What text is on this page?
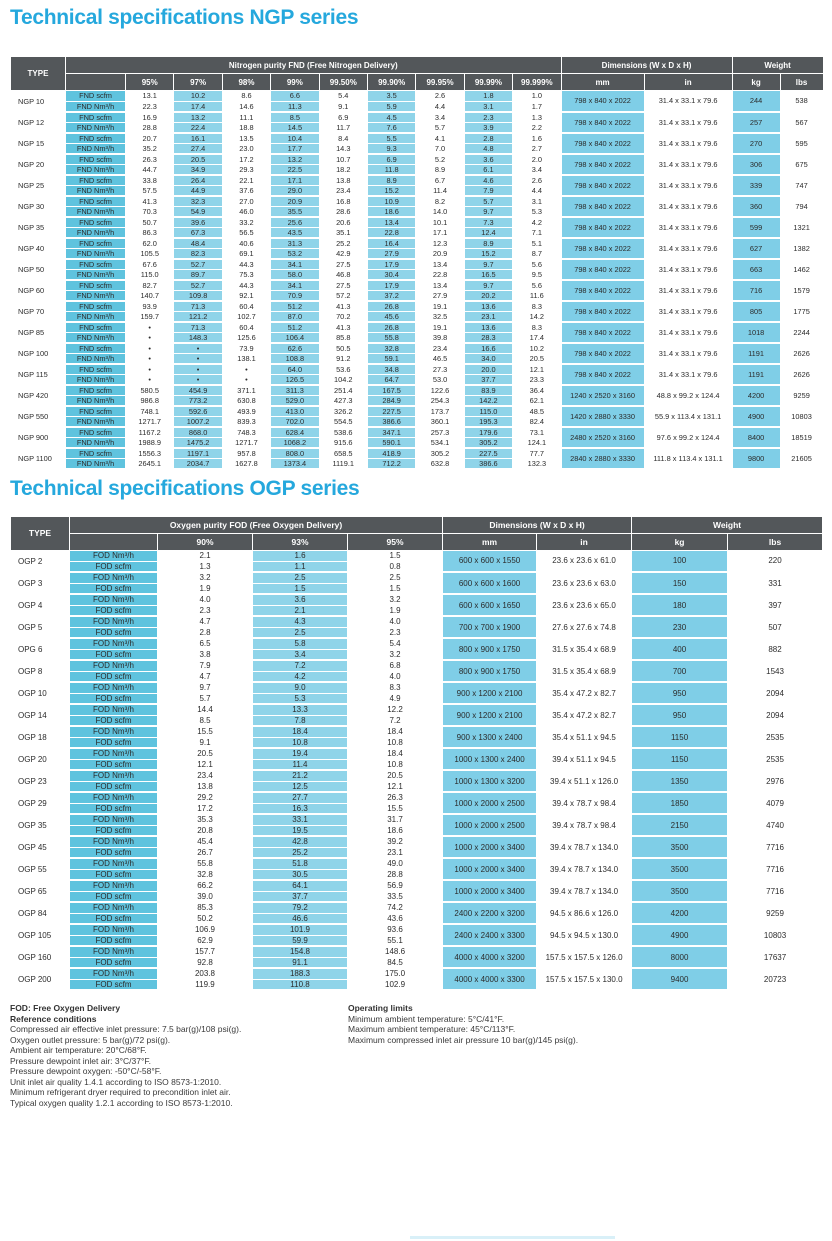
Technical specifications NGP series
TYPE	Nitrogen purity FND (Free Nitrogen Delivery)										Dimensions (W x D x H)		Weight	
		95%	97%	98%	99%	99.50%	99.90%	99.95%	99.99%	99.999%	mm	in	kg	lbs
NGP 10	FND scfm	13.1	10.2	8.6	6.6	5.4	3.5	2.6	1.8	1.0	798 x 840 x 2022	31.4 x 33.1 x 79.6	244	538
	FND Nm³/h	22.3	17.4	14.6	11.3	9.1	5.9	4.4	3.1	1.7				
NGP 12	FND scfm	16.9	13.2	11.1	8.5	6.9	4.5	3.4	2.3	1.3	798 x 840 x 2022	31.4 x 33.1 x 79.6	257	567
	FND Nm³/h	28.8	22.4	18.8	14.5	11.7	7.6	5.7	3.9	2.2				
NGP 15	FND scfm	20.7	16.1	13.5	10.4	8.4	5.5	4.1	2.8	1.6	798 x 840 x 2022	31.4 x 33.1 x 79.6	270	595
	FND Nm³/h	35.2	27.4	23.0	17.7	14.3	9.3	7.0	4.8	2.7				
NGP 20	FND scfm	26.3	20.5	17.2	13.2	10.7	6.9	5.2	3.6	2.0	798 x 840 x 2022	31.4 x 33.1 x 79.6	306	675
	FND Nm³/h	44.7	34.9	29.3	22.5	18.2	11.8	8.9	6.1	3.4				
NGP 25	FND scfm	33.8	26.4	22.1	17.1	13.8	8.9	6.7	4.6	2.6	798 x 840 x 2022	31.4 x 33.1 x 79.6	339	747
	FND Nm³/h	57.5	44.9	37.6	29.0	23.4	15.2	11.4	7.9	4.4				
NGP 30	FND scfm	41.3	32.3	27.0	20.9	16.8	10.9	8.2	5.7	3.1	798 x 840 x 2022	31.4 x 33.1 x 79.6	360	794
	FND Nm³/h	70.3	54.9	46.0	35.5	28.6	18.6	14.0	9.7	5.3				
NGP 35	FND scfm	50.7	39.6	33.2	25.6	20.6	13.4	10.1	7.3	4.2	798 x 840 x 2022	31.4 x 33.1 x 79.6	599	1321
	FND Nm³/h	86.3	67.3	56.5	43.5	35.1	22.8	17.1	12.4	7.1				
NGP 40	FND scfm	62.0	48.4	40.6	31.3	25.2	16.4	12.3	8.9	5.1	798 x 840 x 2022	31.4 x 33.1 x 79.6	627	1382
	FND Nm³/h	105.5	82.3	69.1	53.2	42.9	27.9	20.9	15.2	8.7				
NGP 50	FND scfm	67.6	52.7	44.3	34.1	27.5	17.9	13.4	9.7	5.6	798 x 840 x 2022	31.4 x 33.1 x 79.6	663	1462
	FND Nm³/h	115.0	89.7	75.3	58.0	46.8	30.4	22.8	16.5	9.5				
NGP 60	FND scfm	82.7	52.7	44.3	34.1	27.5	17.9	13.4	9.7	5.6	798 x 840 x 2022	31.4 x 33.1 x 79.6	716	1579
	FND Nm³/h	140.7	109.8	92.1	70.9	57.2	37.2	27.9	20.2	11.6				
NGP 70	FND scfm	93.9	71.3	60.4	51.2	41.3	26.8	19.1	13.6	8.3	798 x 840 x 2022	31.4 x 33.1 x 79.6	805	1775
	FND Nm³/h	159.7	121.2	102.7	87.0	70.2	45.6	32.5	23.1	14.2				
NGP 85	FND scfm	•	71.3	60.4	51.2	41.3	26.8	19.1	13.6	8.3	798 x 840 x 2022	31.4 x 33.1 x 79.6	1018	2244
	FND Nm³/h	•	148.3	125.6	106.4	85.8	55.8	39.8	28.3	17.4				
NGP 100	FND scfm	•	•	73.9	62.6	50.5	32.8	23.4	16.6	10.2	798 x 840 x 2022	31.4 x 33.1 x 79.6	1191	2626
	FND Nm³/h	•	•	138.1	108.8	91.2	59.1	46.5	34.0	20.5				
NGP 115	FND scfm	•	•	•	64.0	53.6	34.8	27.3	20.0	12.1	798 x 840 x 2022	31.4 x 33.1 x 79.6	1191	2626
	FND Nm³/h	•	•	•	126.5	104.2	64.7	53.0	37.7	23.3				
NGP 420	FND scfm	580.5	454.9	371.1	311.3	251.4	167.5	122.6	83.9	36.4	1240 x 2520 x 3160	48.8 x 99.2 x 124.4	4200	9259
	FND Nm³/h	986.8	773.2	630.8	529.0	427.3	284.9	254.3	142.2	62.1				
NGP 550	FND scfm	748.1	592.6	493.9	413.0	326.2	227.5	173.7	115.0	48.5	1420 x 2880 x 3330	55.9 x 113.4 x 131.1	4900	10803
	FND Nm³/h	1271.7	1007.2	839.3	702.0	554.5	386.6	360.1	195.3	82.4				
NGP 900	FND scfm	1167.2	868.0	748.3	628.4	538.6	347.1	257.3	179.6	73.1	2480 x 2520 x 3160	97.6 x 99.2 x 124.4	8400	18519
	FND Nm³/h	1988.9	1475.2	1271.7	1068.2	915.6	590.1	534.1	305.2	124.1				
NGP 1100	FND scfm	1556.3	1197.1	957.8	808.0	658.5	418.9	305.2	227.5	77.7	2840 x 2880 x 3330	111.8 x 113.4 x 131.1	9800	21605
	FND Nm³/h	2645.1	2034.7	1627.8	1373.4	1119.1	712.2	632.8	386.6	132.3				
Technical specifications OGP series
TYPE	Oxygen purity FOD (Free Oxygen Delivery)				Dimensions (W x D x H)		Weight	
		90%	93%	95%	mm	in	kg	lbs
OGP 2	FOD Nm³/h	2.1	1.6	1.5	600 x 600 x 1550	23.6 x 23.6 x 61.0	100	220
	FOD scfm	1.3	1.1	0.8				
OGP 3	FOD Nm³/h	3.2	2.5	2.5	600 x 600 x 1600	23.6 x 23.6 x 63.0	150	331
	FOD scfm	1.9	1.5	1.5				
OGP 4	FOD Nm³/h	4.0	3.6	3.2	600 x 600 x 1650	23.6 x 23.6 x 65.0	180	397
	FOD scfm	2.3	2.1	1.9				
OGP 5	FOD Nm³/h	4.7	4.3	4.0	700 x 700 x 1900	27.6 x 27.6 x 74.8	230	507
	FOD scfm	2.8	2.5	2.3				
OPG 6	FOD Nm³/h	6.5	5.8	5.4	800 x 900 x 1750	31.5 x 35.4 x 68.9	400	882
	FOD scfm	3.8	3.4	3.2				
OGP 8	FOD Nm³/h	7.9	7.2	6.8	800 x 900 x 1750	31.5 x 35.4 x 68.9	700	1543
	FOD scfm	4.7	4.2	4.0				
OGP 10	FOD Nm³/h	9.7	9.0	8.3	900 x 1200 x 2100	35.4 x 47.2 x 82.7	950	2094
	FOD scfm	5.7	5.3	4.9				
OGP 14	FOD Nm³/h	14.4	13.3	12.2	900 x 1200 x 2100	35.4 x 47.2 x 82.7	950	2094
	FOD scfm	8.5	7.8	7.2				
OGP 18	FOD Nm³/h	15.5	18.4	18.4	900 x 1300 x 2400	35.4 x 51.1 x 94.5	1150	2535
	FOD scfm	9.1	10.8	10.8				
OGP 20	FOD Nm³/h	20.5	19.4	18.4	1000 x 1300 x 2400	39.4 x 51.1 x 94.5	1150	2535
	FOD scfm	12.1	11.4	10.8				
OGP 23	FOD Nm³/h	23.4	21.2	20.5	1000 x 1300 x 3200	39.4 x 51.1 x 126.0	1350	2976
	FOD scfm	13.8	12.5	12.1				
OGP 29	FOD Nm³/h	29.2	27.7	26.3	1000 x 2000 x 2500	39.4 x 78.7 x 98.4	1850	4079
	FOD scfm	17.2	16.3	15.5				
OGP 35	FOD Nm³/h	35.3	33.1	31.7	1000 x 2000 x 2500	39.4 x 78.7 x 98.4	2150	4740
	FOD scfm	20.8	19.5	18.6				
OGP 45	FOD Nm³/h	45.4	42.8	39.2	1000 x 2000 x 3400	39.4 x 78.7 x 134.0	3500	7716
	FOD scfm	26.7	25.2	23.1				
OGP 55	FOD Nm³/h	55.8	51.8	49.0	1000 x 2000 x 3400	39.4 x 78.7 x 134.0	3500	7716
	FOD scfm	32.8	30.5	28.8				
OGP 65	FOD Nm³/h	66.2	64.1	56.9	1000 x 2000 x 3400	39.4 x 78.7 x 134.0	3500	7716
	FOD scfm	39.0	37.7	33.5				
OGP 84	FOD Nm³/h	85.3	79.2	74.2	2400 x 2200 x 3200	94.5 x 86.6 x 126.0	4200	9259
	FOD scfm	50.2	46.6	43.6				
OGP 105	FOD Nm³/h	106.9	101.9	93.6	2400 x 2400 x 3300	94.5 x 94.5 x 130.0	4900	10803
	FOD scfm	62.9	59.9	55.1				
OGP 160	FOD Nm³/h	157.7	154.8	148.6	4000 x 4000 x 3200	157.5 x 157.5 x 126.0	8000	17637
	FOD scfm	92.8	91.1	84.5				
OGP 200	FOD Nm³/h	203.8	188.3	175.0	4000 x 4000 x 3300	157.5 x 157.5 x 130.0	9400	20723
	FOD scfm	119.9	110.8	102.9				
FOD: Free Oxygen Delivery
Reference conditions
Compressed air effective inlet pressure: 7.5 bar(g)/108 psi(g).
Oxygen outlet pressure: 5 bar(g)/72 psi(g).
Ambient air temperature: 20°C/68°F.
Pressure dewpoint inlet air: 3°C/37°F.
Pressure dewpoint oxygen: -50°C/-58°F.
Unit inlet air quality 1.4.1 according to ISO 8573-1:2010.
Minimum refrigerant dryer required to precondition inlet air.
Typical oxygen quality 1.2.1 according to ISO 8573-1:2010.
Operating limits
Minimum ambient temperature: 5°C/41°F.
Maximum ambient temperature: 45°C/113°F.
Maximum compressed inlet air pressure 10 bar(g)/145 psi(g).
